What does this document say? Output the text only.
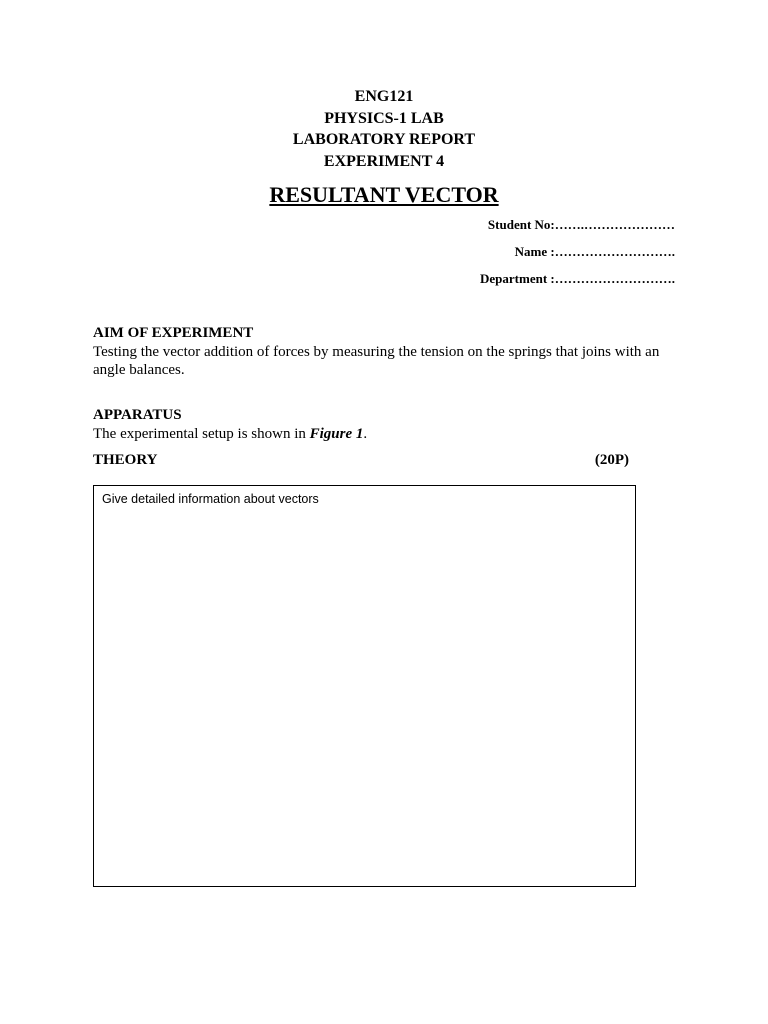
ENG121
PHYSICS-1 LAB
LABORATORY REPORT
EXPERIMENT 4
RESULTANT VECTOR
Student No:…….…………………
Name :……………………….
Department :……………………….
AIM OF EXPERIMENT
Testing the vector addition of forces by measuring the tension on the springs that joins with an angle balances.
APPARATUS
The experimental setup is shown in Figure 1.
THEORY	(20P)
Give detailed information about vectors
